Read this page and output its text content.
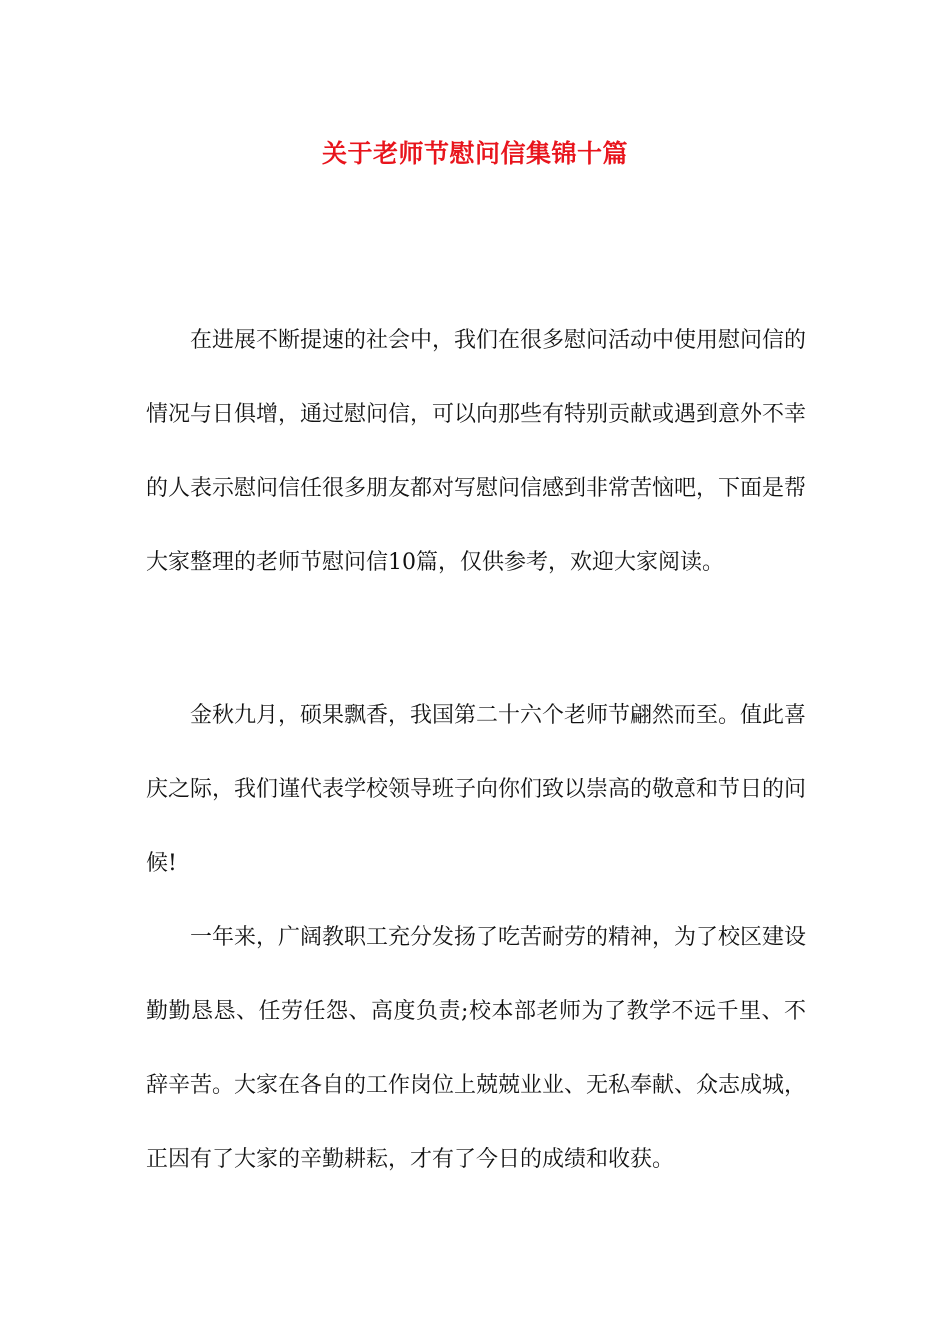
关于老师节慰问信集锦十篇

在进展不断提速的社会中，我们在很多慰问活动中使用慰问信的情况与日俱增，通过慰问信，可以向那些有特别贡献或遇到意外不幸的人表示慰问信任很多朋友都对写慰问信感到非常苦恼吧，下面是帮大家整理的老师节慰问信10篇，仅供参考，欢迎大家阅读。

金秋九月，硕果飘香，我国第二十六个老师节翩然而至。值此喜庆之际，我们谨代表学校领导班子向你们致以崇高的敬意和节日的问候!

一年来，广阔教职工充分发扬了吃苦耐劳的精神，为了校区建设勤勤恳恳、任劳任怨、高度负责;校本部老师为了教学不远千里、不辞辛苦。大家在各自的工作岗位上兢兢业业、无私奉献、众志成城，正因有了大家的辛勤耕耘，才有了今日的成绩和收获。
